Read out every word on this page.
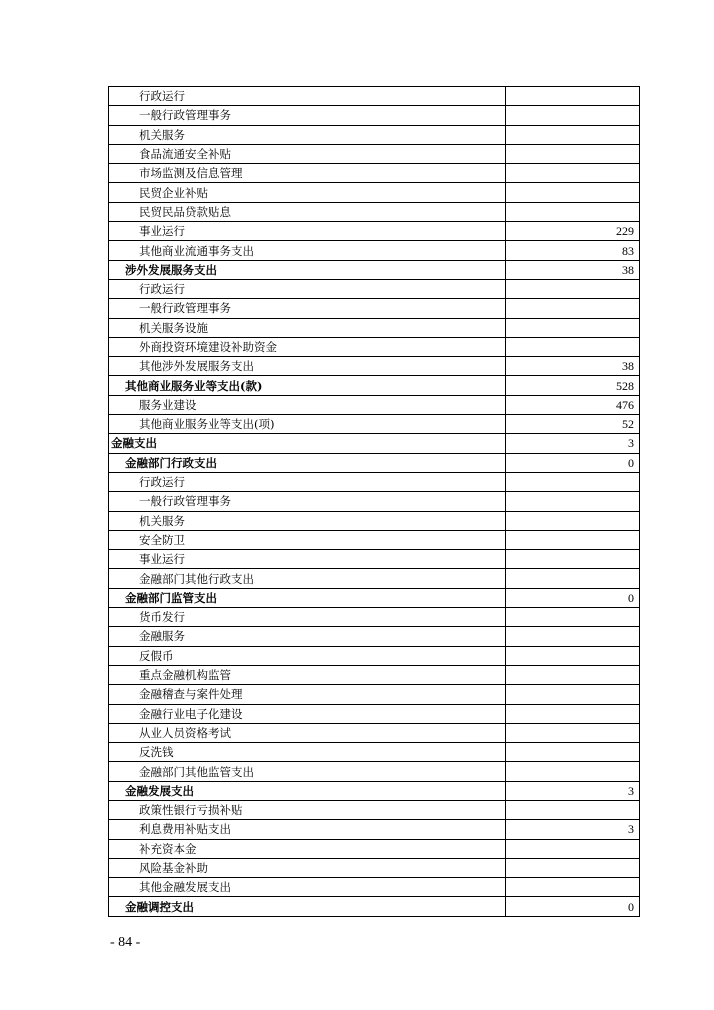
行政运行	
一般行政管理事务	
机关服务	
食品流通安全补贴	
市场监测及信息管理	
民贸企业补贴	
民贸民品贷款贴息	
事业运行	229
其他商业流通事务支出	83
涉外发展服务支出	38
行政运行	
一般行政管理事务	
机关服务设施	
外商投资环境建设补助资金	
其他涉外发展服务支出	38
其他商业服务业等支出(款)	528
服务业建设	476
其他商业服务业等支出(项)	52
金融支出	3
金融部门行政支出	0
行政运行	
一般行政管理事务	
机关服务	
安全防卫	
事业运行	
金融部门其他行政支出	
金融部门监管支出	0
货币发行	
金融服务	
反假币	
重点金融机构监管	
金融稽查与案件处理	
金融行业电子化建设	
从业人员资格考试	
反洗钱	
金融部门其他监管支出	
金融发展支出	3
政策性银行亏损补贴	
利息费用补贴支出	3
补充资本金	
风险基金补助	
其他金融发展支出	
金融调控支出	0
- 84 -
